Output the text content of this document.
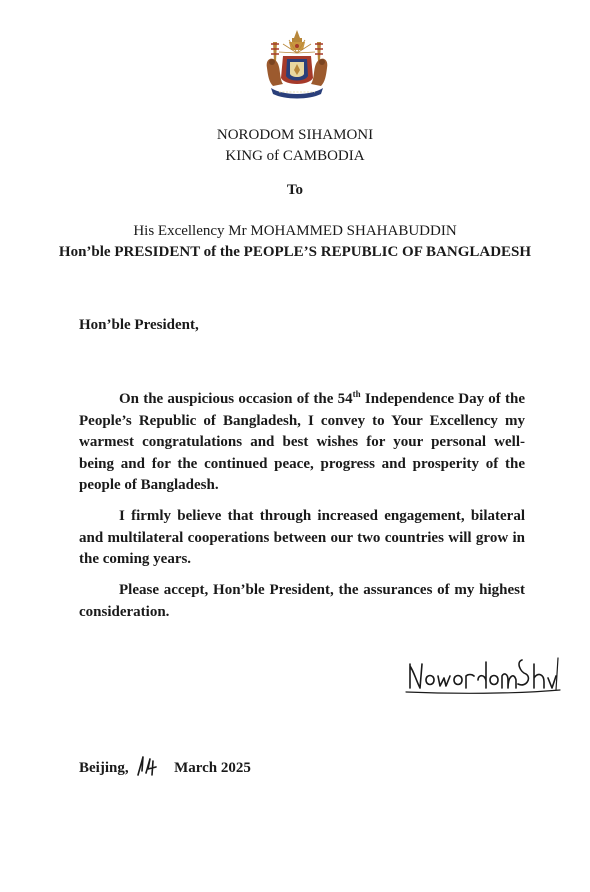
NORODOM SIHAMONI
KING of CAMBODIA
To
His Excellency Mr MOHAMMED SHAHABUDDIN
Hon’ble PRESIDENT of the PEOPLE’S REPUBLIC OF BANGLADESH
Hon’ble President,

On the auspicious occasion of the 54th Independence Day of the People’s Republic of Bangladesh, I convey to Your Excellency my warmest congratulations and best wishes for your personal well-being and for the continued peace, progress and prosperity of the people of Bangladesh.

I firmly believe that through increased engagement, bilateral and multilateral cooperations between our two countries will grow in the coming years.

Please accept, Hon’ble President, the assurances of my highest consideration.

Beijing,	March 2025
